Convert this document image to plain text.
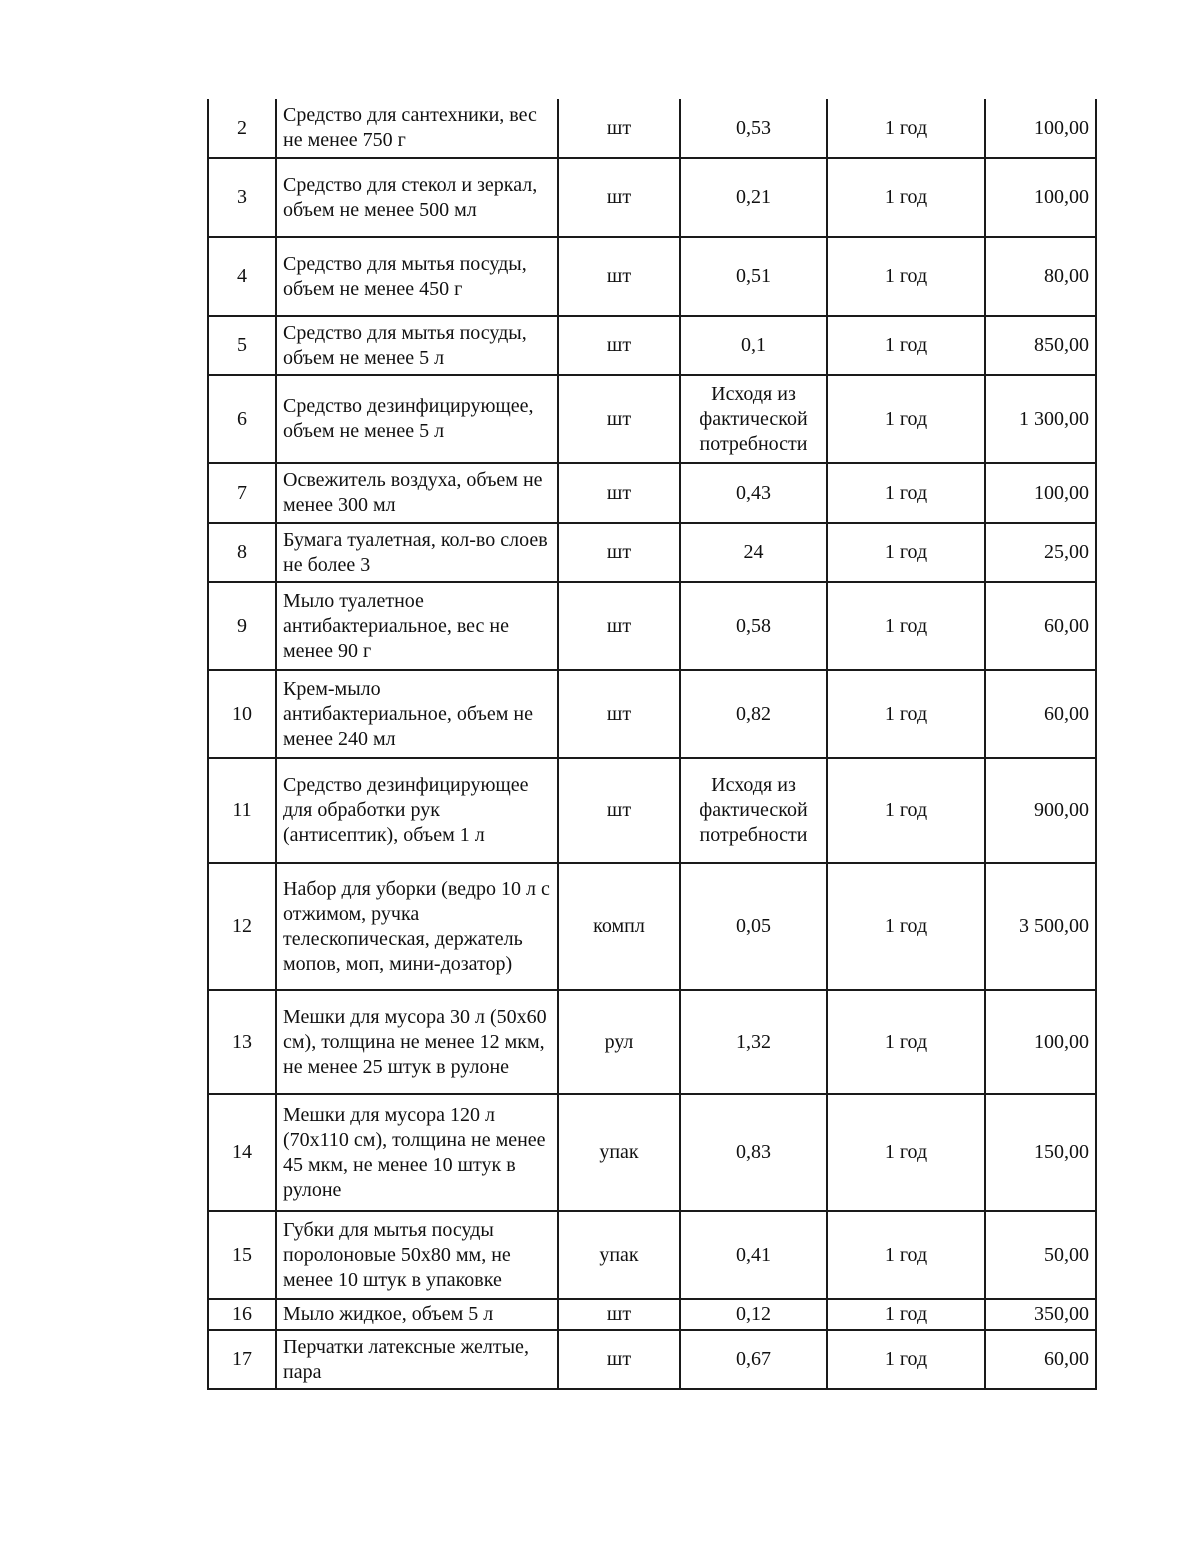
2	Средство для сантехники, вес не менее 750 г	шт	0,53	1 год	100,00
3	Средство для стекол и зеркал, объем не менее 500 мл	шт	0,21	1 год	100,00
4	Средство для мытья посуды, объем не менее 450 г	шт	0,51	1 год	80,00
5	Средство для мытья посуды, объем не менее 5 л	шт	0,1	1 год	850,00
6	Средство дезинфицирующее, объем не менее 5 л	шт	Исходя из фактической потребности	1 год	1 300,00
7	Освежитель воздуха, объем не менее 300 мл	шт	0,43	1 год	100,00
8	Бумага туалетная, кол-во слоев не более 3	шт	24	1 год	25,00
9	Мыло туалетное антибактериальное, вес не менее 90 г	шт	0,58	1 год	60,00
10	Крем-мыло антибактериальное, объем не менее 240 мл	шт	0,82	1 год	60,00
11	Средство дезинфицирующее для обработки рук (антисептик), объем 1 л	шт	Исходя из фактической потребности	1 год	900,00
12	Набор для уборки (ведро 10 л с отжимом, ручка телескопическая, держатель мопов, моп, мини-дозатор)	компл	0,05	1 год	3 500,00
13	Мешки для мусора 30 л (50х60 см), толщина не менее 12 мкм, не менее 25 штук в рулоне	рул	1,32	1 год	100,00
14	Мешки для мусора 120 л (70х110 см), толщина не менее 45 мкм, не менее 10 штук в рулоне	упак	0,83	1 год	150,00
15	Губки для мытья посуды поролоновые 50х80 мм, не менее 10 штук в упаковке	упак	0,41	1 год	50,00
16	Мыло жидкое, объем 5 л	шт	0,12	1 год	350,00
17	Перчатки латексные желтые, пара	шт	0,67	1 год	60,00
